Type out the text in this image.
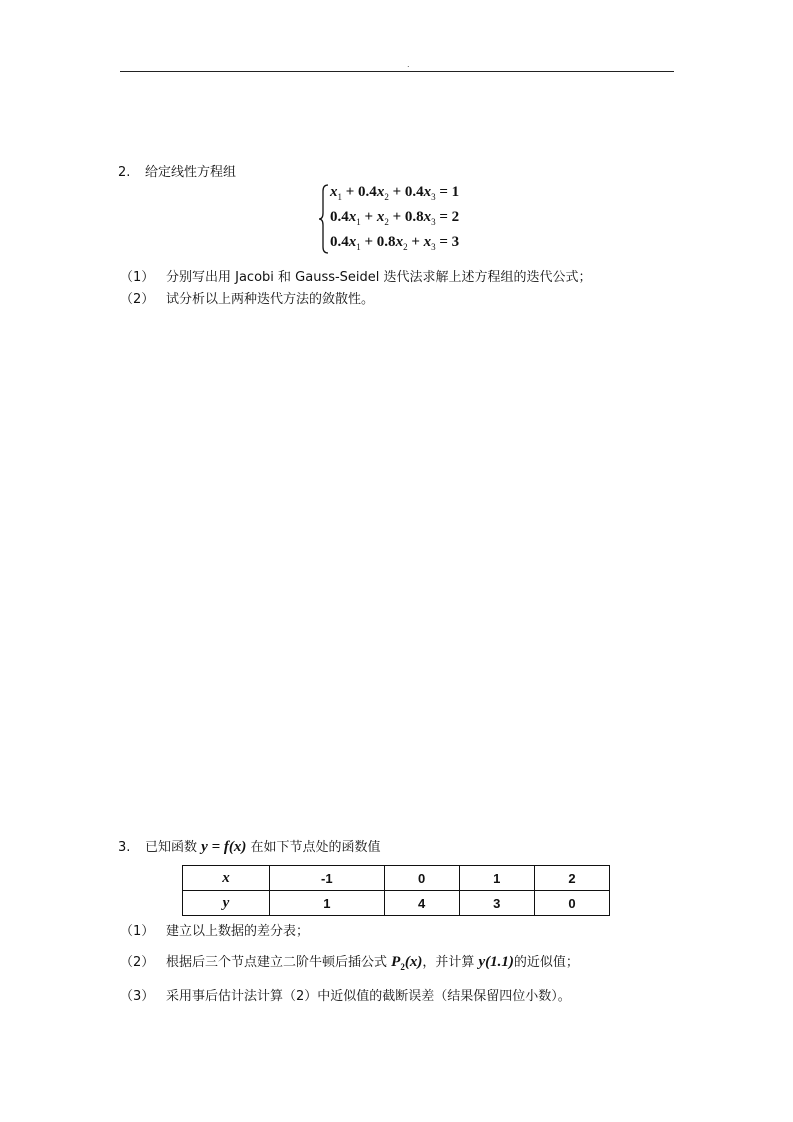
.
2. 给定线性方程组
$x_1 + 0.4x_2 + 0.4x_3 = 1$
$0.4x_1 + x_2 + 0.8x_3 = 2$
$0.4x_1 + 0.8x_2 + x_3 = 3$
（1） 分别写出用 Jacobi 和 Gauss-Seidel 迭代法求解上述方程组的迭代公式；
（2） 试分析以上两种迭代方法的敛散性。
3. 已知函数 y = f(x) 在如下节点处的函数值
x	-1	0	1	2
y	1	4	3	0
（1） 建立以上数据的差分表；
（2） 根据后三个节点建立二阶牛顿后插公式 $P_2(x)$，并计算 y(1.1)的近似值；
（3） 采用事后估计法计算（2）中近似值的截断误差（结果保留四位小数）。
